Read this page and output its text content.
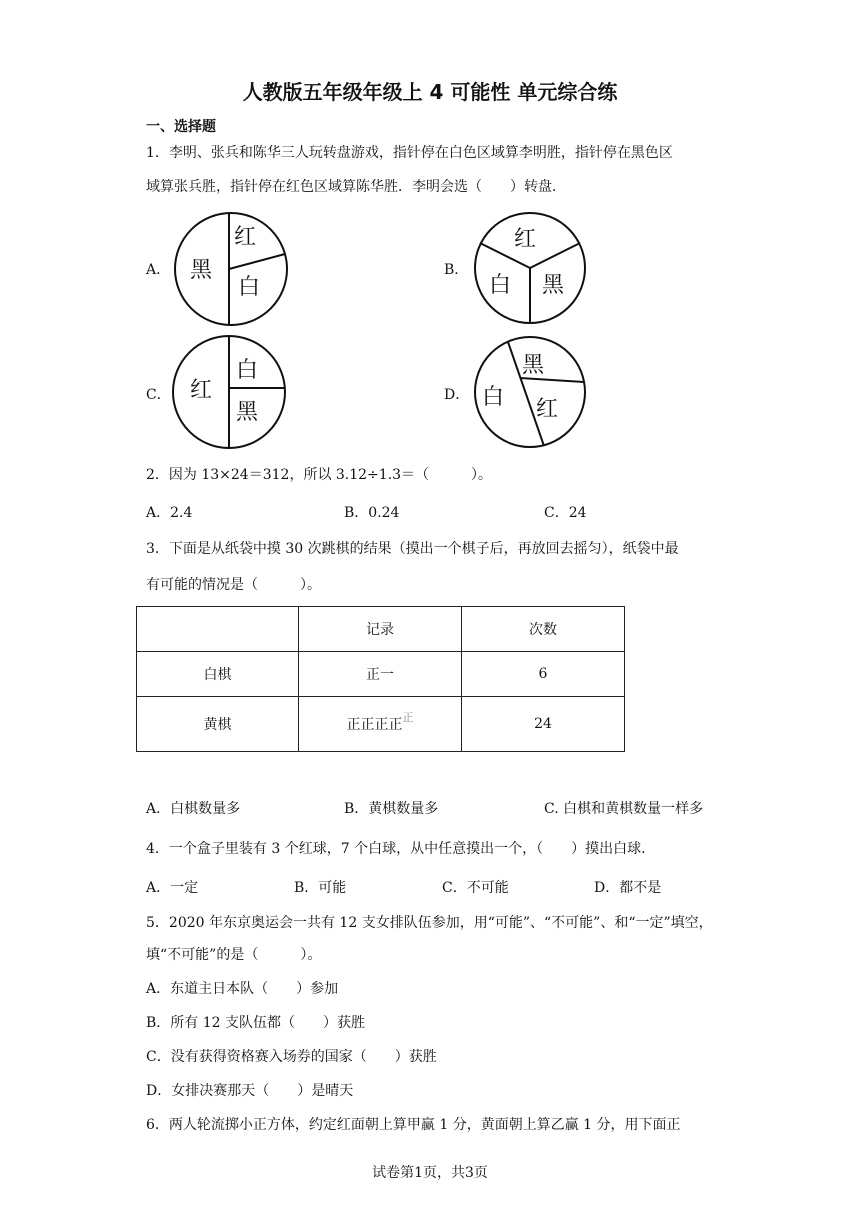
人教版五年级年级上 4 可能性 单元综合练
一、选择题
1．李明、张兵和陈华三人玩转盘游戏，指针停在白色区域算李明胜，指针停在黑色区
域算张兵胜，指针停在红色区域算陈华胜．李明会选（　　）转盘．
A． 黑
红
白
B．
红
白 黑
C． 红
白
黑
D．
黑
白 红
2．因为 13×24＝312，所以 3.12÷1.3＝（　　　）。
A．2.4	B．0.24	C．24
3．下面是从纸袋中摸 30 次跳棋的结果（摸出一个棋子后，再放回去摇匀），纸袋中最
有可能的情况是（　　　）。
	记录	次数
白棋	正一	6
黄棋	正正正正$^正$	24
A．白棋数量多	B．黄棋数量多	C. 白棋和黄棋数量一样多
4．一个盒子里装有 3 个红球，7 个白球，从中任意摸出一个，（　　）摸出白球．
A．一定	B．可能	C．不可能	D．都不是
5．2020 年东京奥运会一共有 12 支女排队伍参加，用“可能”、“不可能”、和“一定”填空，
填“不可能”的是（　　　）。
A．东道主日本队（　　）参加
B．所有 12 支队伍都（　　）获胜
C．没有获得资格赛入场券的国家（　　）获胜
D．女排决赛那天（　　）是晴天
6．两人轮流掷小正方体，约定红面朝上算甲赢 1 分，黄面朝上算乙赢 1 分，用下面正
试卷第1页，共3页
